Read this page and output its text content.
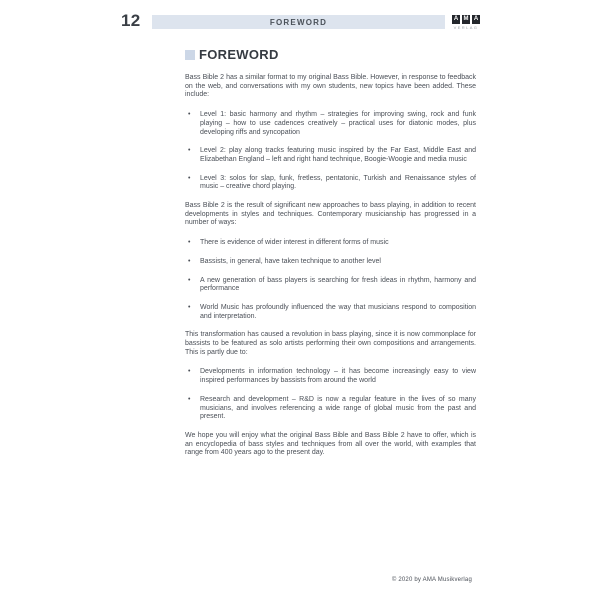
12	FOREWORD	A M A
VERLAG
FOREWORD

Bass Bible 2 has a similar format to my original Bass Bible. However, in response to feedback on the web, and conversations with my own students, new topics have been added. These include:

•
Level 1: basic harmony and rhythm – strategies for improving swing, rock and funk playing – how to use cadences creatively – practical uses for diatonic modes, plus developing riffs and syncopation
•
Level 2: play along tracks featuring music inspired by the Far East, Middle East and Elizabethan England – left and right hand technique, Boogie-Woogie and media music
•
Level 3: solos for slap, funk, fretless, pentatonic, Turkish and Renaissance styles of music – creative chord playing.

Bass Bible 2 is the result of significant new approaches to bass playing, in addition to recent developments in styles and techniques. Contemporary musicianship has progressed in a number of ways:

•
There is evidence of wider interest in different forms of music
•
Bassists, in general, have taken technique to another level
•
A new generation of bass players is searching for fresh ideas in rhythm, harmony and performance
•
World Music has profoundly influenced the way that musicians respond to composition and interpretation.

This transformation has caused a revolution in bass playing, since it is now commonplace for bassists to be featured as solo artists performing their own compositions and arrangements. This is partly due to:

•
Developments in information technology – it has become increasingly easy to view inspired performances by bassists from around the world
•
Research and development – R&D is now a regular feature in the lives of so many musicians, and involves referencing a wide range of global music from the past and present.

We hope you will enjoy what the original Bass Bible and Bass Bible 2 have to offer, which is an encyclopedia of bass styles and techniques from all over the world, with examples that range from 400 years ago to the present day.

© 2020 by AMA Musikverlag
